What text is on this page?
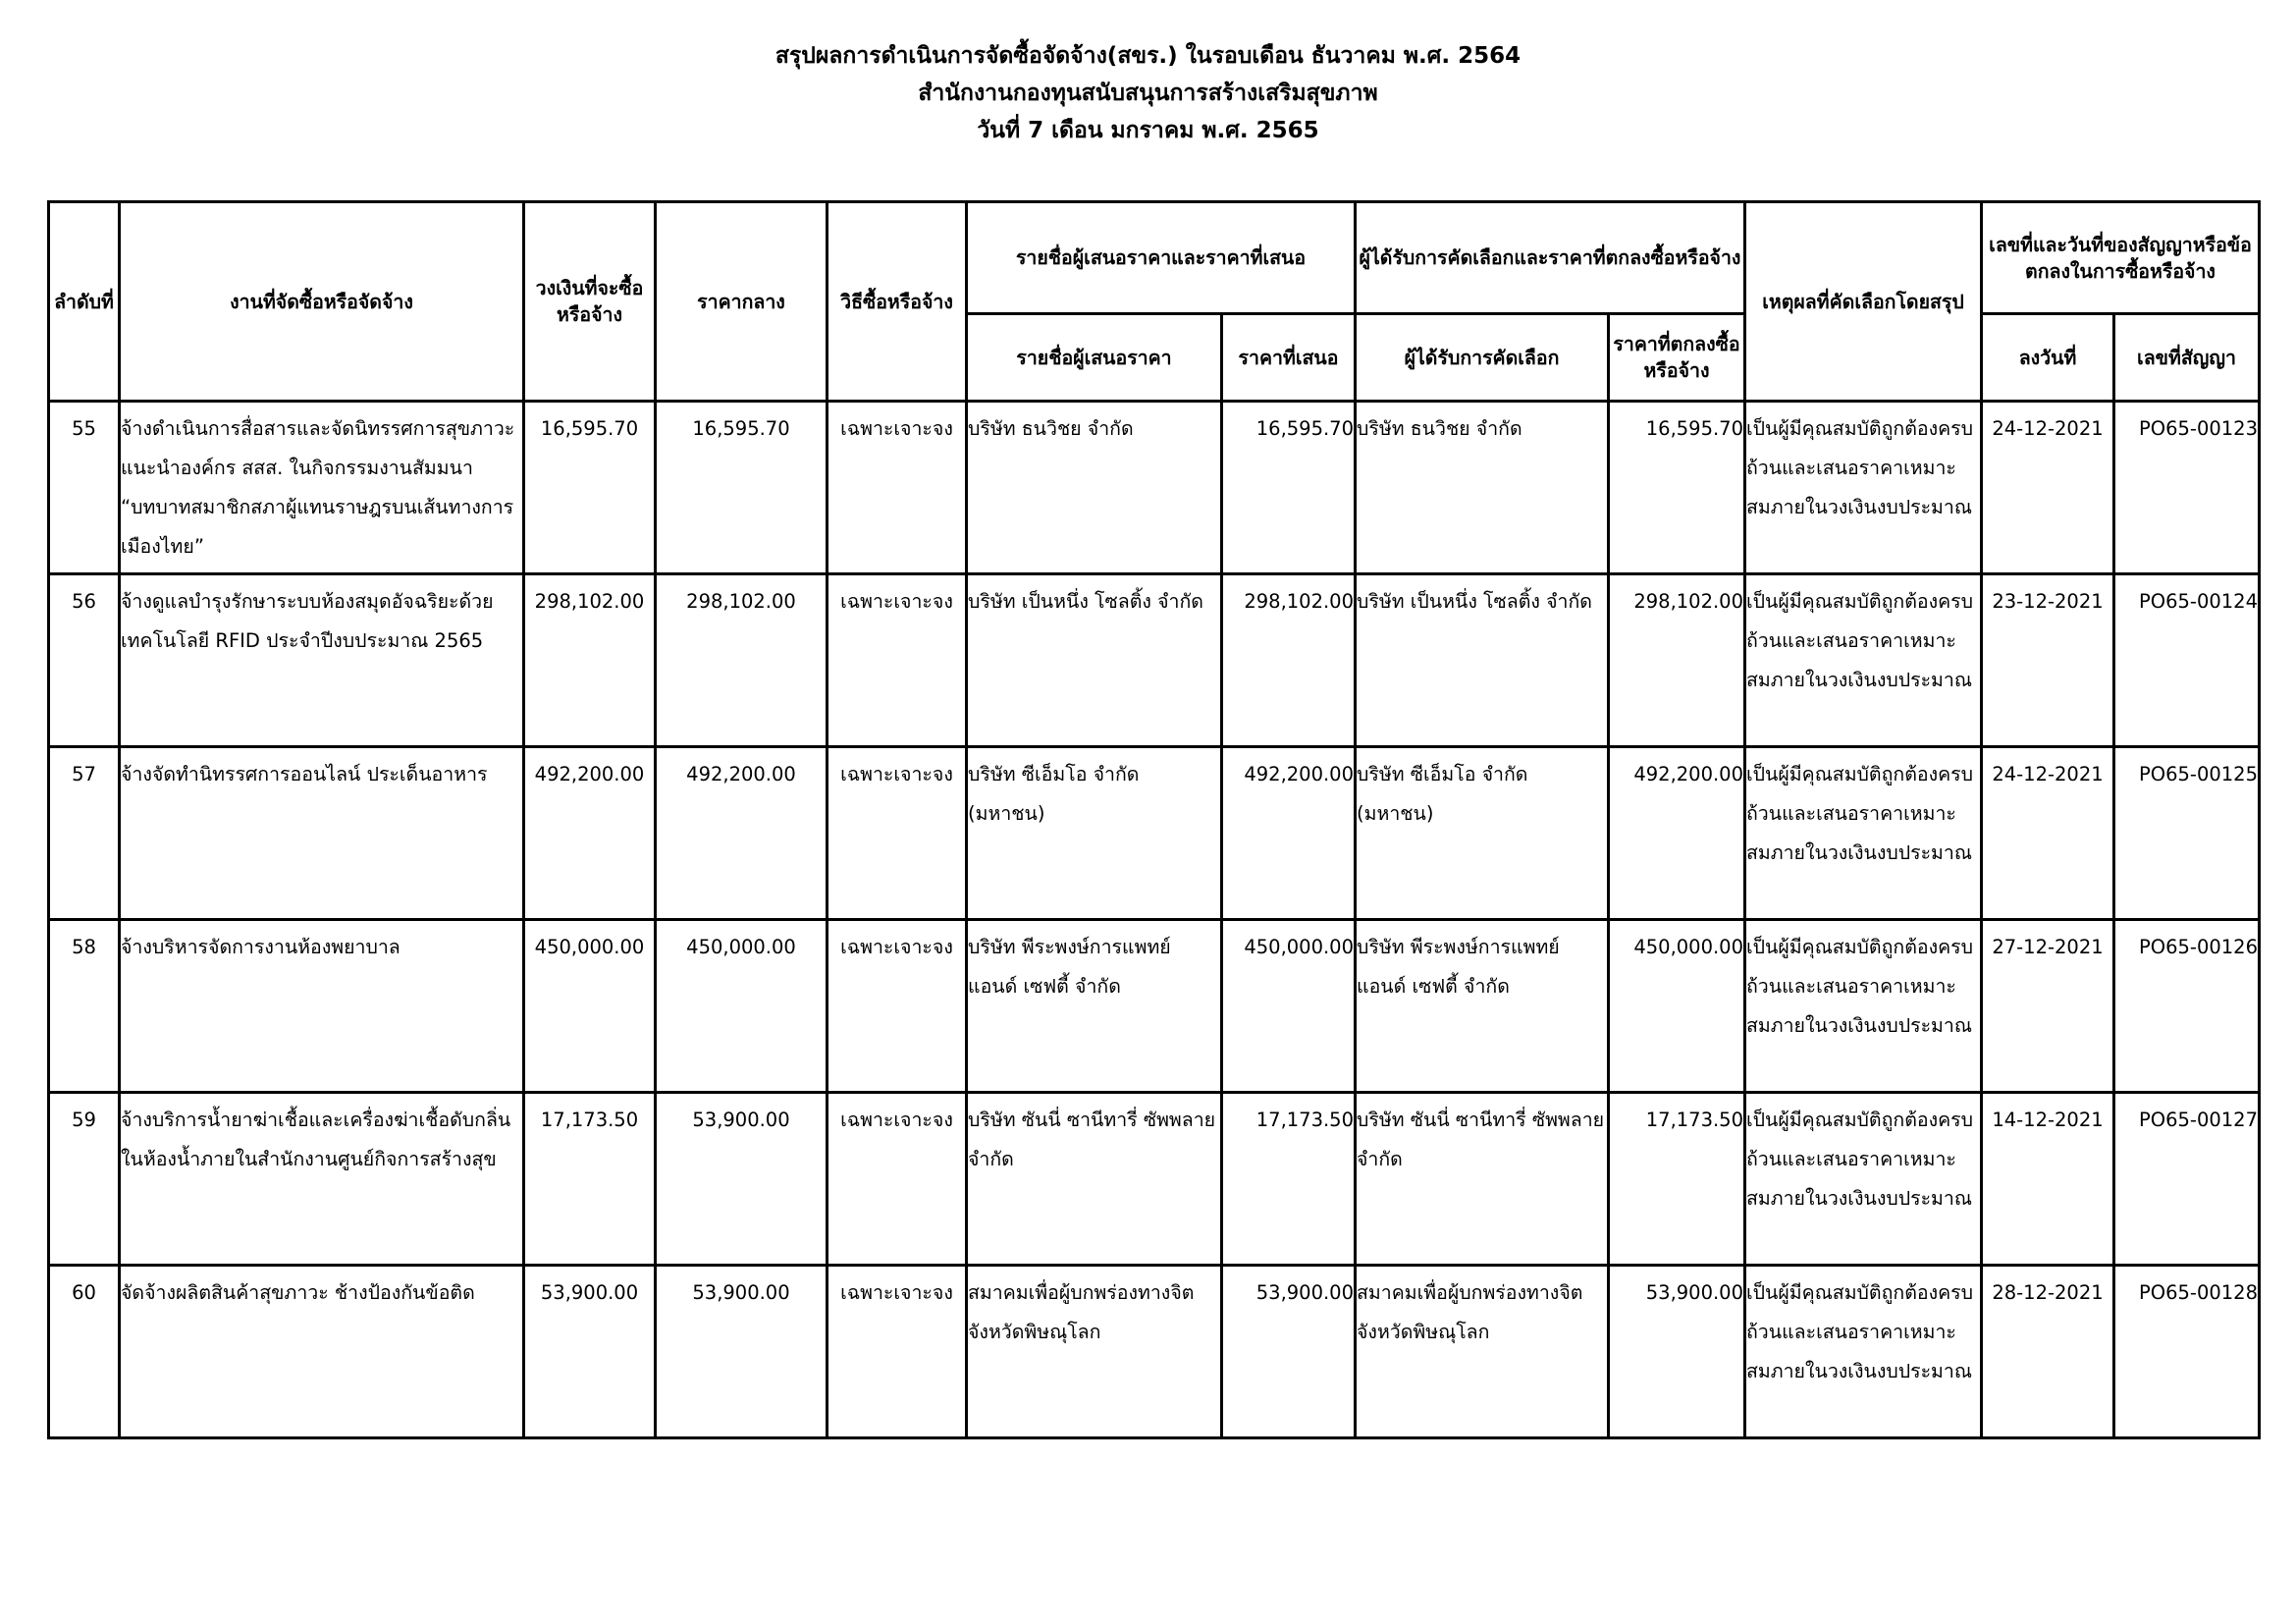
สรุปผลการดำเนินการจัดซื้อจัดจ้าง(สขร.) ในรอบเดือน ธันวาคม พ.ศ. 2564
สำนักงานกองทุนสนับสนุนการสร้างเสริมสุขภาพ
วันที่ 7 เดือน มกราคม พ.ศ. 2565
ลำดับที่	งานที่จัดซื้อหรือจัดจ้าง	วงเงินที่จะซื้อหรือจ้าง	ราคากลาง	วิธีซื้อหรือจ้าง	รายชื่อผู้เสนอราคาและราคาที่เสนอ		ผู้ได้รับการคัดเลือกและราคาที่ตกลงซื้อหรือจ้าง		เหตุผลที่คัดเลือกโดยสรุป	เลขที่และวันที่ของสัญญาหรือข้อตกลงในการซื้อหรือจ้าง	
					รายชื่อผู้เสนอราคา	ราคาที่เสนอ	ผู้ได้รับการคัดเลือก	ราคาที่ตกลงซื้อหรือจ้าง		ลงวันที่	เลขที่สัญญา
55	จ้างดำเนินการสื่อสารและจัดนิทรรศการสุขภาวะ แนะนำองค์กร สสส. ในกิจกรรมงานสัมมนา “บทบาทสมาชิกสภาผู้แทนราษฎรบนเส้นทางการเมืองไทย”	16,595.70	16,595.70	เฉพาะเจาะจง	บริษัท ธนวิชย จำกัด	16,595.70	บริษัท ธนวิชย จำกัด	16,595.70	เป็นผู้มีคุณสมบัติถูกต้องครบถ้วนและเสนอราคาเหมาะสมภายในวงเงินงบประมาณ	24-12-2021	PO65-00123
56	จ้างดูแลบำรุงรักษาระบบห้องสมุดอัจฉริยะด้วยเทคโนโลยี RFID ประจำปีงบประมาณ 2565	298,102.00	298,102.00	เฉพาะเจาะจง	บริษัท เป็นหนึ่ง โซลติ้ง จำกัด	298,102.00	บริษัท เป็นหนึ่ง โซลติ้ง จำกัด	298,102.00	เป็นผู้มีคุณสมบัติถูกต้องครบถ้วนและเสนอราคาเหมาะสมภายในวงเงินงบประมาณ	23-12-2021	PO65-00124
57	จ้างจัดทำนิทรรศการออนไลน์ ประเด็นอาหาร	492,200.00	492,200.00	เฉพาะเจาะจง	บริษัท ซีเอ็มโอ จำกัด (มหาชน)	492,200.00	บริษัท ซีเอ็มโอ จำกัด (มหาชน)	492,200.00	เป็นผู้มีคุณสมบัติถูกต้องครบถ้วนและเสนอราคาเหมาะสมภายในวงเงินงบประมาณ	24-12-2021	PO65-00125
58	จ้างบริหารจัดการงานห้องพยาบาล	450,000.00	450,000.00	เฉพาะเจาะจง	บริษัท พีระพงษ์การแพทย์ แอนด์ เซฟตี้ จำกัด	450,000.00	บริษัท พีระพงษ์การแพทย์ แอนด์ เซฟตี้ จำกัด	450,000.00	เป็นผู้มีคุณสมบัติถูกต้องครบถ้วนและเสนอราคาเหมาะสมภายในวงเงินงบประมาณ	27-12-2021	PO65-00126
59	จ้างบริการน้ำยาฆ่าเชื้อและเครื่องฆ่าเชื้อดับกลิ่นในห้องน้ำภายในสำนักงานศูนย์กิจการสร้างสุข	17,173.50	53,900.00	เฉพาะเจาะจง	บริษัท ซันนี่ ซานีทารี่ ซัพพลาย จำกัด	17,173.50	บริษัท ซันนี่ ซานีทารี่ ซัพพลาย จำกัด	17,173.50	เป็นผู้มีคุณสมบัติถูกต้องครบถ้วนและเสนอราคาเหมาะสมภายในวงเงินงบประมาณ	14-12-2021	PO65-00127
60	จัดจ้างผลิตสินค้าสุขภาวะ ช้างป้องกันข้อติด	53,900.00	53,900.00	เฉพาะเจาะจง	สมาคมเพื่อผู้บกพร่องทางจิตจังหวัดพิษณุโลก	53,900.00	สมาคมเพื่อผู้บกพร่องทางจิตจังหวัดพิษณุโลก	53,900.00	เป็นผู้มีคุณสมบัติถูกต้องครบถ้วนและเสนอราคาเหมาะสมภายในวงเงินงบประมาณ	28-12-2021	PO65-00128
